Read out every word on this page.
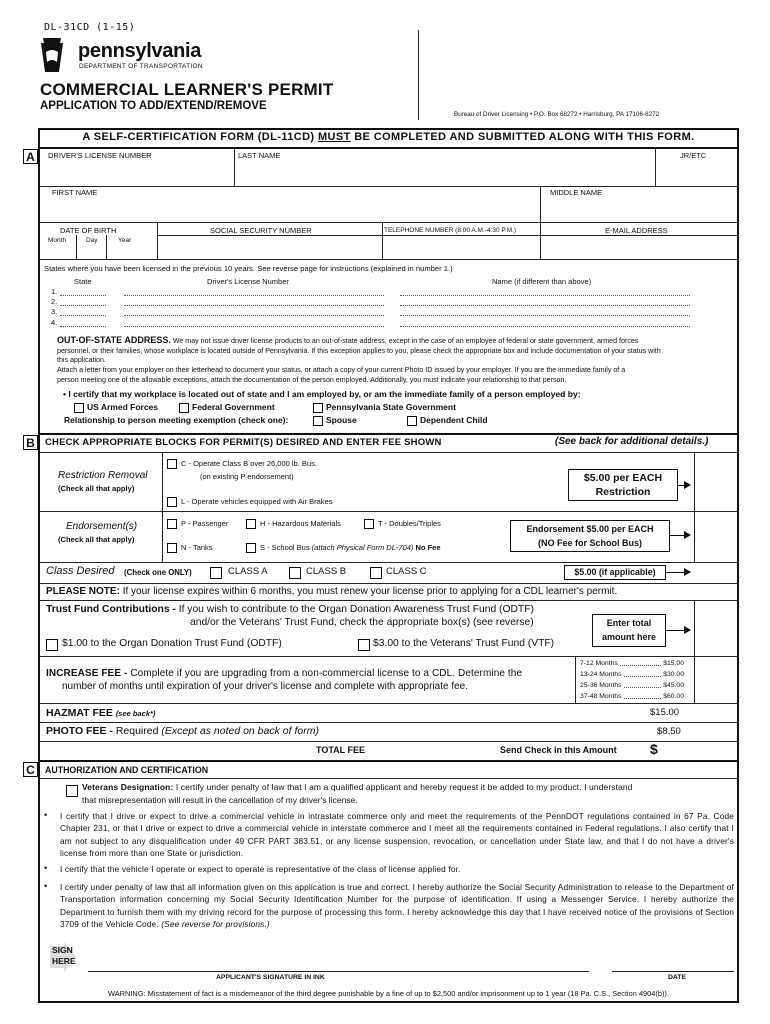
DL-31CD (1-15)
pennsylvania
DEPARTMENT OF TRANSPORTATION
COMMERCIAL LEARNER'S PERMIT
APPLICATION TO ADD/EXTEND/REMOVE
Bureau of Driver Licensing • P.O. Box 68272 • Harrisburg, PA 17106-8272
A SELF-CERTIFICATION FORM (DL-11CD) MUST BE COMPLETED AND SUBMITTED ALONG WITH THIS FORM.
A	DRIVER'S LICENSE NUMBER	LAST NAME	JR/ETC
FIRST NAME	MIDDLE NAME
DATE OF BIRTH
Month	Day	Year
SOCIAL SECURITY NUMBER	TELEPHONE NUMBER (8:00 A.M.-4:30 P.M.)	E-MAIL ADDRESS
States where you have been licensed in the previous 10 years. See reverse page for instructions (explained in number 1.)
State	Driver's License Number	Name (if different than above)
1.
2.
3.
4.
OUT-OF-STATE ADDRESS. We may not issue driver license products to an out-of-state address, except in the case of an employee of federal or state government, armed forces
personnel, or their families, whose workplace is located outside of Pennsylvania. If this exception applies to you, please check the appropriate box and include documentation of your status with
this application.
Attach a letter from your employer on their letterhead to document your status, or attach a copy of your current Photo ID issued by your employer. If you are the immediate family of a
person meeting one of the allowable exceptions, attach the documentation of the person employed. Additionally, you must indicate your relationship to that person.
• I certify that my workplace is located out of state and I am employed by, or am the immediate family of a person employed by:
US Armed Forces	Federal Government	Pennsylvania State Government
Relationship to person meeting exemption (check one):	Spouse	Dependent Child
B	CHECK APPROPRIATE BLOCKS FOR PERMIT(S) DESIRED AND ENTER FEE SHOWN	(See back for additional details.)
Restriction Removal
(Check all that apply)
C - Operate Class B over 26,000 lb. Bus.
(on existing P endorsement)
L - Operate vehicles equipped with Air Brakes
$5.00 per EACH
Restriction
Endorsement(s)
(Check all that apply)
P - Passenger	H - Hazardous Materials	T - Doubles/Triples
N - Tanks	S - School Bus (attach Physical Form DL-704) No Fee
Endorsement $5.00 per EACH
(NO Fee for School Bus)
Class Desired (Check one ONLY)	CLASS A	CLASS B	CLASS C	$5.00 (if applicable)
PLEASE NOTE: If your license expires within 6 months, you must renew your license prior to applying for a CDL learner's permit.
Trust Fund Contributions - If you wish to contribute to the Organ Donation Awareness Trust Fund (ODTF)
and/or the Veterans' Trust Fund, check the appropriate box(s) (see reverse)
$1.00 to the Organ Donation Trust Fund (ODTF)	$3.00 to the Veterans' Trust Fund (VTF)
Enter total
amount here
INCREASE FEE - Complete if you are upgrading from a non-commercial license to a CDL. Determine the
number of months until expiration of your driver's license and complete with appropriate fee.
7-12 Months	$15.00
13-24 Months	$30.00
25-36 Months	$45.00
37-48 Months	$60.00
HAZMAT FEE (see back*)	$15.00
PHOTO FEE - Required (Except as noted on back of form)	$8.50
TOTAL FEE	Send Check in this Amount $
C	AUTHORIZATION AND CERTIFICATION
Veterans Designation: I certify under penalty of law that I am a qualified applicant and hereby request it be added to my product. I understand
that misrepresentation will result in the cancellation of my driver's license.
• I certify that I drive or expect to drive a commercial vehicle in intrastate commerce only and meet the requirements of the PennDOT regulations contained in 67 Pa. Code Chapter 231, or that I drive or expect to drive a commercial vehicle in interstate commerce and I meet all the requirements contained in Federal regulations. I also certify that I am not subject to any disqualification under 49 CFR PART 383.51, or any license suspension, revocation, or cancellation under State law, and that I do not have a driver's license from more than one State or jurisdiction.
• I certify that the vehicle I operate or expect to operate is representative of the class of license applied for.
• I certify under penalty of law that all information given on this application is true and correct. I hereby authorize the Social Security Administration to release to the Department of Transportation information concerning my Social Security Identification Number for the purpose of identification. If using a Messenger Service, I hereby authorize the Department to furnish them with my driving record for the purpose of processing this form. I hereby acknowledge this day that I have received notice of the provisions of Section 3709 of the Vehicle Code. (See reverse for provisions.)
SIGN
HERE
APPLICANT'S SIGNATURE IN INK	DATE
WARNING: Misstatement of fact is a misdemeanor of the third degree punishable by a fine of up to $2,500 and/or imprisonment up to 1 year (18 Pa. C.S., Section 4904(b)).
